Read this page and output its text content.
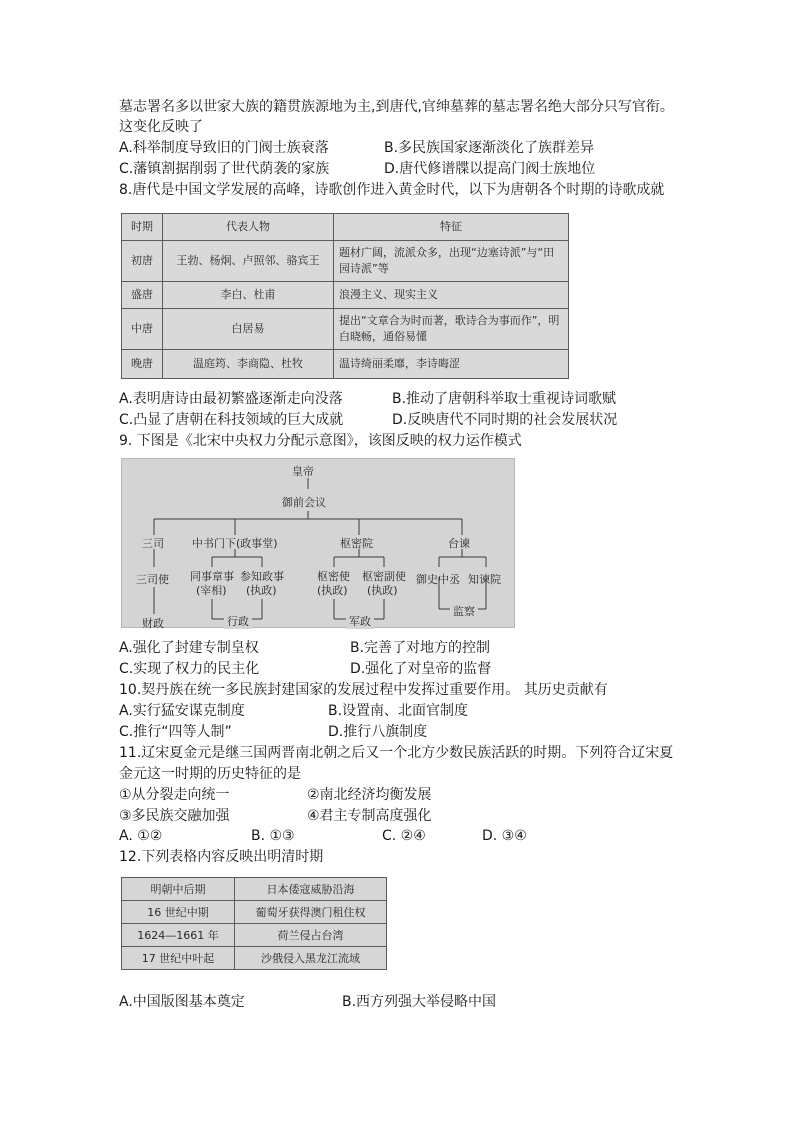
墓志署名多以世家大族的籍贯族源地为主,到唐代,官绅墓葬的墓志署名绝大部分只写官衔。
这变化反映了
A.科举制度导致旧的门阀士族衰落	B.多民族国家逐渐淡化了族群差异
C.藩镇割据削弱了世代荫袭的家族	D.唐代修谱牒以提高门阀士族地位
8.唐代是中国文学发展的高峰，诗歌创作进入黄金时代，以下为唐朝各个时期的诗歌成就
时期	代表人物	特征
初唐	王勃、杨炯、卢照邻、骆宾王	题材广阔，流派众多，出现“边塞诗派”与“田园诗派”等
盛唐	李白、杜甫	浪漫主义、现实主义
中唐	白居易	提出“文章合为时而著，歌诗合为事而作”，明白晓畅，通俗易懂
晚唐	温庭筠、李商隐、杜牧	温诗绮丽柔靡，李诗晦涩
A.表明唐诗由最初繁盛逐渐走向没落	B.推动了唐朝科举取士重视诗词歌赋
C.凸显了唐朝在科技领域的巨大成就	D.反映唐代不同时期的社会发展状况
9. 下图是《北宋中央权力分配示意图》，该图反映的权力运作模式
皇帝
御前会议
三司	中书门下(政事堂)	枢密院	台谏
三司使 同事章事
(宰相)
参知政事
(执政)
枢密使
(执政)
枢密副使
(执政)
御史中丞 知谏院
财政	行政	军政
监察
A.强化了封建专制皇权	B.完善了对地方的控制
C.实现了权力的民主化	D.强化了对皇帝的监督
10.契丹族在统一多民族封建国家的发展过程中发挥过重要作用。 其历史贡献有
A.实行猛安谋克制度	B.设置南、北面官制度
C.推行“四等人制”	D.推行八旗制度
11.辽宋夏金元是继三国两晋南北朝之后又一个北方少数民族活跃的时期。下列符合辽宋夏
金元这一时期的历史特征的是
①从分裂走向统一	②南北经济均衡发展
③多民族交融加强	④君主专制高度强化
A. ①②	B. ①③	C. ②④	D. ③④
12.下列表格内容反映出明清时期
明朝中后期	日本倭寇威胁沿海
16 世纪中期	葡萄牙获得澳门租住权
1624—1661 年	荷兰侵占台湾
17 世纪中叶起	沙俄侵入黑龙江流域
A.中国版图基本奠定	B.西方列强大举侵略中国
